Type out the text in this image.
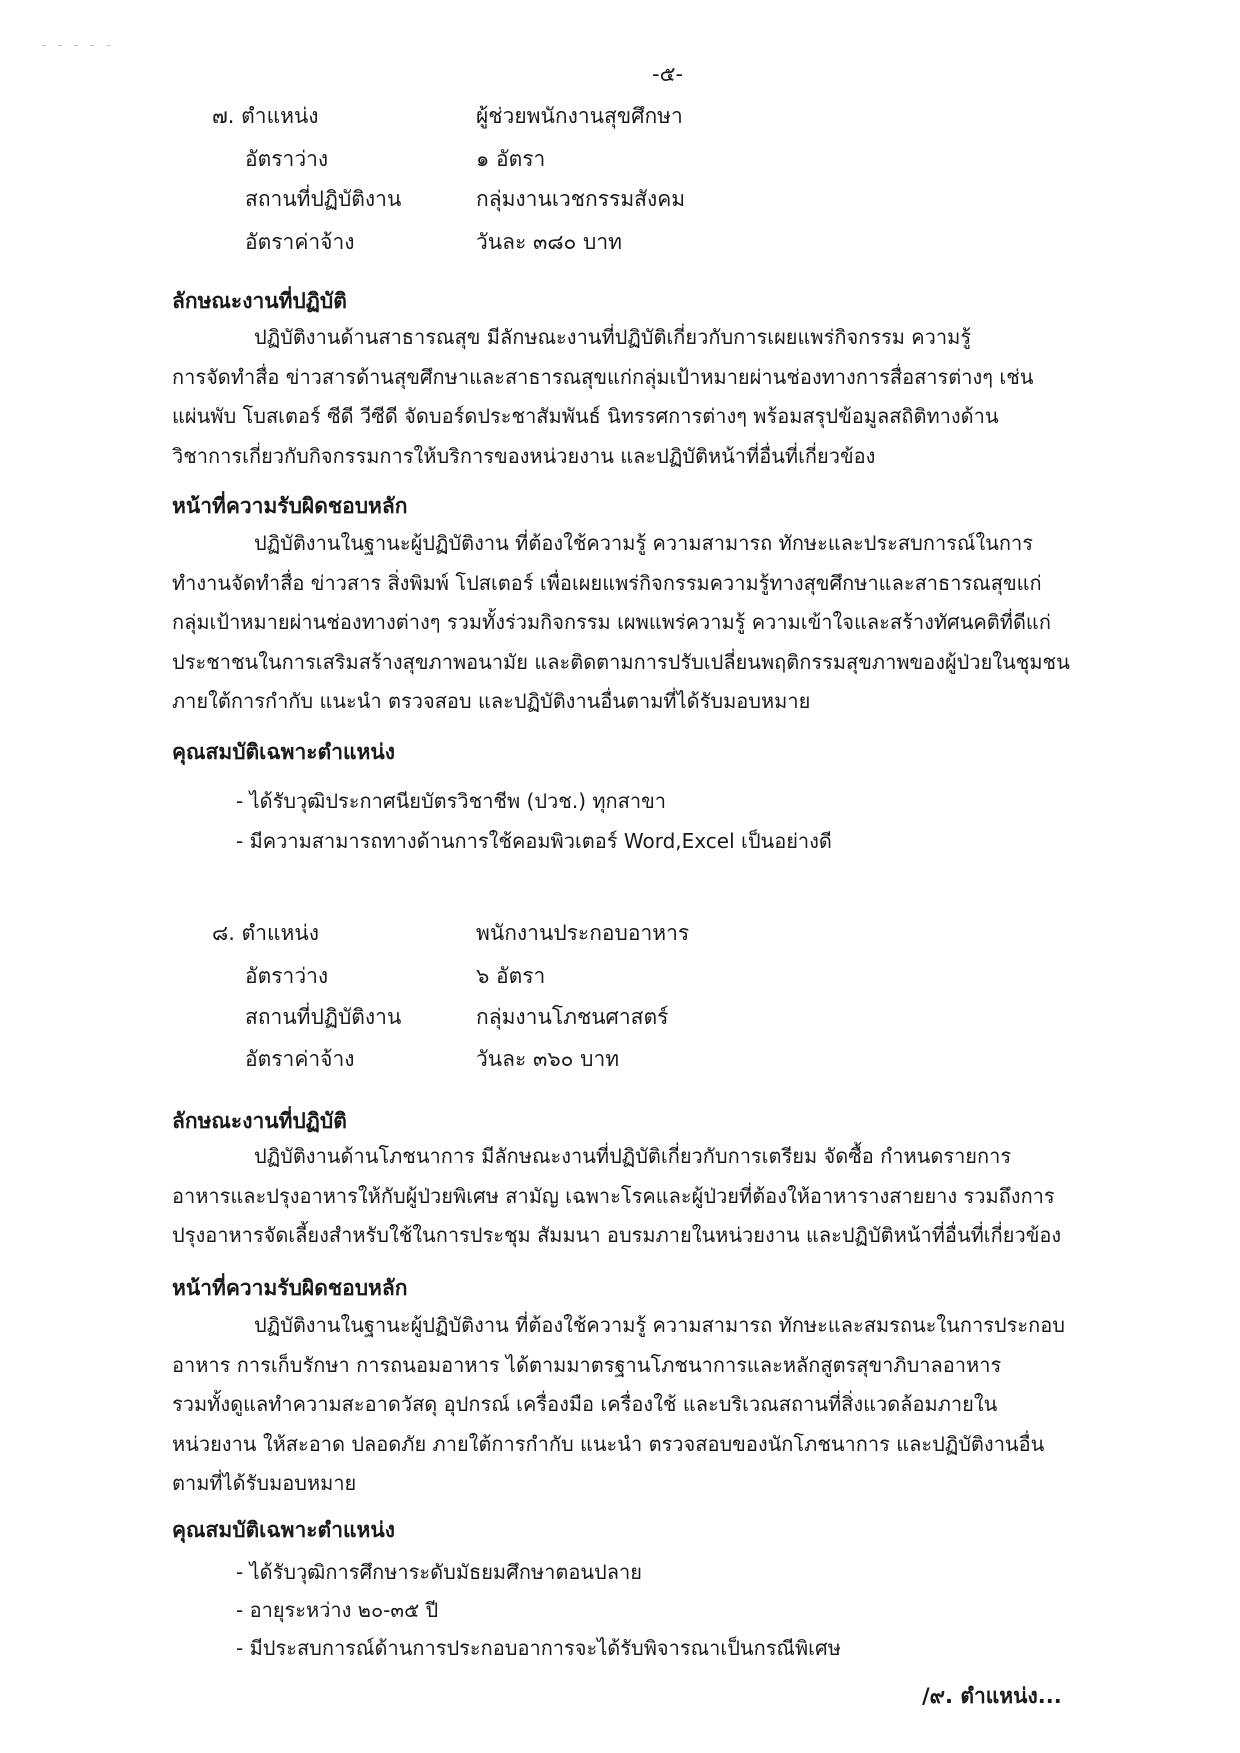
- - - - -
-๕-
๗. ตำแหน่ง	ผู้ช่วยพนักงานสุขศึกษา
อัตราว่าง	๑ อัตรา
สถานที่ปฏิบัติงาน	กลุ่มงานเวชกรรมสังคม
อัตราค่าจ้าง	วันละ ๓๘๐ บาท
ลักษณะงานที่ปฏิบัติ
ปฏิบัติงานด้านสาธารณสุข มีลักษณะงานที่ปฏิบัติเกี่ยวกับการเผยแพร่กิจกรรม ความรู้
การจัดทำสื่อ ข่าวสารด้านสุขศึกษาและสาธารณสุขแก่กลุ่มเป้าหมายผ่านช่องทางการสื่อสารต่างๆ เช่น
แผ่นพับ โบสเตอร์ ซีดี วีซีดี จัดบอร์ดประชาสัมพันธ์ นิทรรศการต่างๆ พร้อมสรุปข้อมูลสถิติทางด้าน
วิชาการเกี่ยวกับกิจกรรมการให้บริการของหน่วยงาน และปฏิบัติหน้าที่อื่นที่เกี่ยวข้อง
หน้าที่ความรับผิดชอบหลัก
ปฏิบัติงานในฐานะผู้ปฏิบัติงาน ที่ต้องใช้ความรู้ ความสามารถ ทักษะและประสบการณ์ในการ
ทำงานจัดทำสื่อ ข่าวสาร สิ่งพิมพ์ โปสเตอร์ เพื่อเผยแพร่กิจกรรมความรู้ทางสุขศึกษาและสาธารณสุขแก่
กลุ่มเป้าหมายผ่านช่องทางต่างๆ รวมทั้งร่วมกิจกรรม เผพแพร่ความรู้ ความเข้าใจและสร้างทัศนคติที่ดีแก่
ประชาชนในการเสริมสร้างสุขภาพอนามัย และติดตามการปรับเปลี่ยนพฤติกรรมสุขภาพของผู้ป่วยในชุมชน
ภายใต้การกำกับ แนะนำ ตรวจสอบ และปฏิบัติงานอื่นตามที่ได้รับมอบหมาย
คุณสมบัติเฉพาะตำแหน่ง
- ได้รับวุฒิประกาศนียบัตรวิชาชีพ (ปวช.) ทุกสาขา
- มีความสามารถทางด้านการใช้คอมพิวเตอร์ Word,Excel เป็นอย่างดี
๘. ตำแหน่ง	พนักงานประกอบอาหาร
อัตราว่าง	๖ อัตรา
สถานที่ปฏิบัติงาน	กลุ่มงานโภชนศาสตร์
อัตราค่าจ้าง	วันละ ๓๖๐ บาท
ลักษณะงานที่ปฏิบัติ
ปฏิบัติงานด้านโภชนาการ มีลักษณะงานที่ปฏิบัติเกี่ยวกับการเตรียม จัดซื้อ กำหนดรายการ
อาหารและปรุงอาหารให้กับผู้ป่วยพิเศษ สามัญ เฉพาะโรคและผู้ป่วยที่ต้องให้อาหารางสายยาง รวมถึงการ
ปรุงอาหารจัดเลี้ยงสำหรับใช้ในการประชุม สัมมนา อบรมภายในหน่วยงาน และปฏิบัติหน้าที่อื่นที่เกี่ยวข้อง
หน้าที่ความรับผิดชอบหลัก
ปฏิบัติงานในฐานะผู้ปฏิบัติงาน ที่ต้องใช้ความรู้ ความสามารถ ทักษะและสมรถนะในการประกอบ
อาหาร การเก็บรักษา การถนอมอาหาร ได้ตามมาตรฐานโภชนาการและหลักสูตรสุขาภิบาลอาหาร
รวมทั้งดูแลทำความสะอาดวัสดุ อุปกรณ์ เครื่องมือ เครื่องใช้ และบริเวณสถานที่สิ่งแวดล้อมภายใน
หน่วยงาน ให้สะอาด ปลอดภัย ภายใต้การกำกับ แนะนำ ตรวจสอบของนักโภชนาการ และปฏิบัติงานอื่น
ตามที่ได้รับมอบหมาย
คุณสมบัติเฉพาะตำแหน่ง
- ได้รับวุฒิการศึกษาระดับมัธยมศึกษาตอนปลาย
- อายุระหว่าง ๒๐-๓๕ ปี
- มีประสบการณ์ด้านการประกอบอาการจะได้รับพิจารณาเป็นกรณีพิเศษ
/๙. ตำแหน่ง...
